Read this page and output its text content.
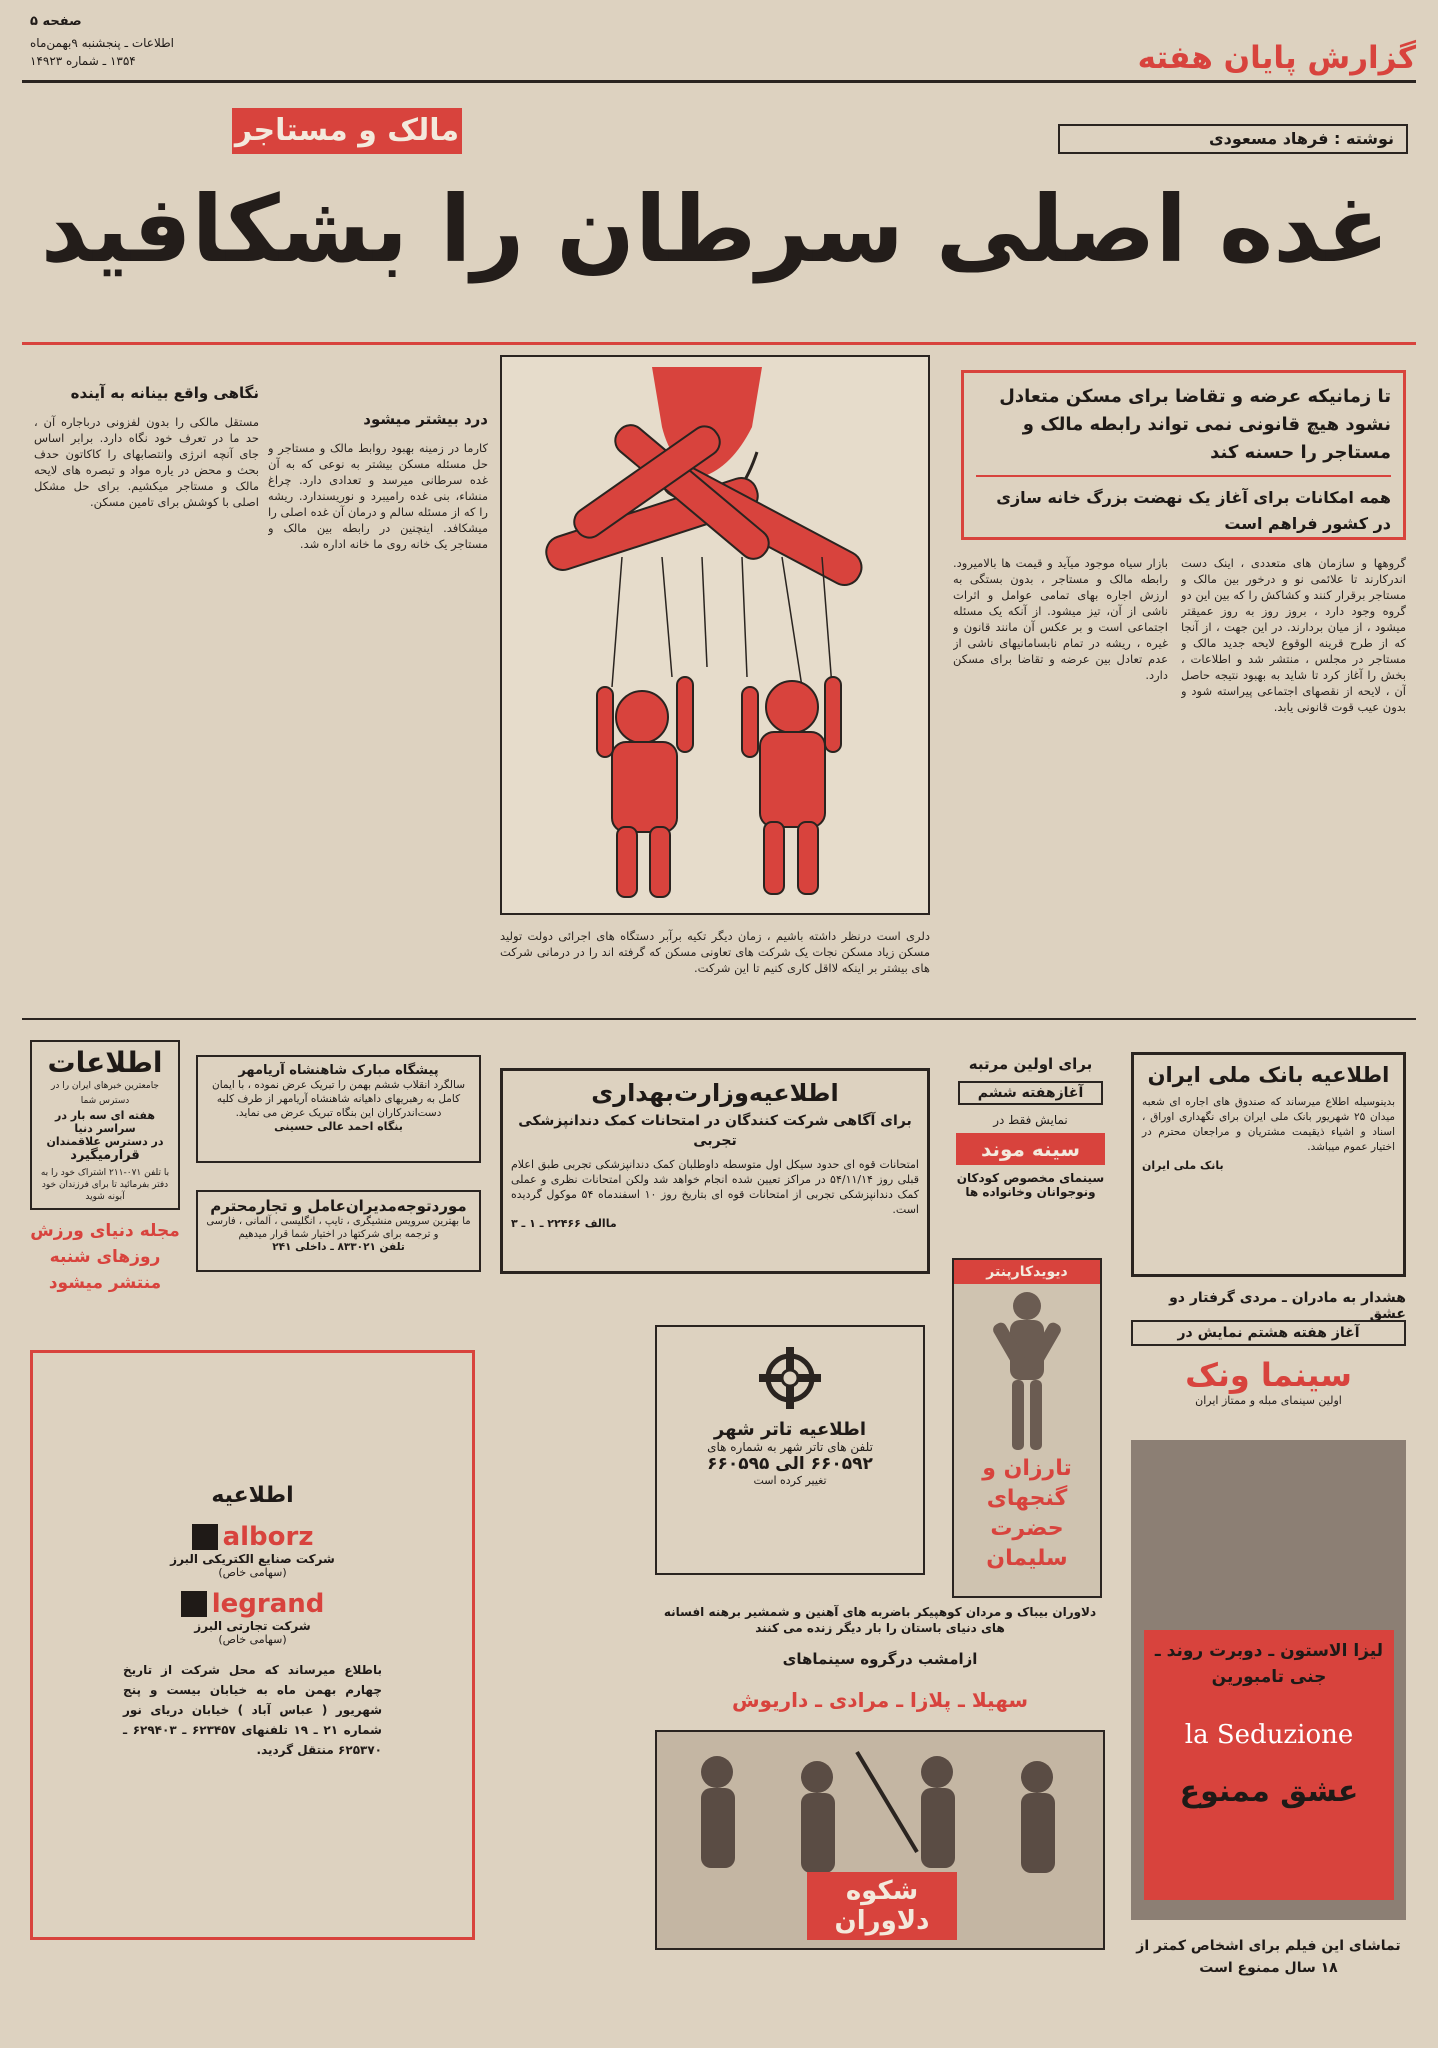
گزارش پایان هفته
صفحه ۵
اطلاعات ـ پنجشنبه ۹بهمن‌ماه
۱۳۵۴ ـ شماره ۱۴۹۲۳
مالک و مستاجر	نوشته : فرهاد مسعودی
غده اصلی سرطان را بشکافید
تا زمانیکه عرضه و تقاضا برای مسکن متعادل نشود هیچ قانونی نمی تواند رابطه مالک و مستاجر را حسنه کند
همه امکانات برای آغاز یک نهضت بزرگ خانه سازی در کشور فراهم است
گروهها و سازمان های متعددی ، اینک دست اندرکارند تا علائمی نو و درخور بین مالک و مستاجر برقرار کنند و کشاکش را که بین این دو گروه وجود دارد ، بروز روز به روز عمیقتر میشود ، از میان بردارند. در این جهت ، از آنجا که از طرح قرینه الوقوع لایحه جدید مالک و مستاجر در مجلس ، منتشر شد و اطلاعات ، بخش را آغاز کرد تا شاید به بهبود نتیجه حاصل آن ، لایحه از نقصهای اجتماعی پیراسته شود و بدون عیب قوت قانونی یابد.
بازار سیاه موجود میآید و قیمت ها بالامیرود. رابطه مالک و مستاجر ، بدون بستگی به ارزش اجاره بهای تمامی عوامل و اثرات ناشی از آن، تیز میشود. از آنکه یک مسئله اجتماعی است و بر عکس آن مانند قانون و غیره ، ریشه در تمام نابسامانیهای ناشی از عدم تعادل بین عرضه و تقاضا برای مسکن دارد.
درد بیشتر میشود
کارما در زمینه بهبود روابط مالک و مستاجر و حل مسئله مسکن بیشتر به نوعی که به آن غده سرطانی میرسد و تعدادی دارد. چراغ منشاء، بنی غده رامیبرد و نوریسندارد. ریشه را که از مسئله سالم و درمان آن غده اصلی را میشکافد. اینچنین در رابطه بین مالک و مستاجر یک خانه روی ما خانه اداره شد.
نگاهی واقع بینانه به آینده
مستقل مالکی را بدون لفزونی درباجاره آن ، حد ما در تعرف خود نگاه دارد. برابر اساس جای آنچه انرژی وانتصابهای را کاکاتون حدف بحث و محض در یاره مواد و تبصره های لایحه مالک و مستاجر میکشیم. برای حل مشکل اصلی با کوشش برای تامین مسکن.
دلری است درنظر داشته باشیم ، زمان دیگر تکیه برآبر دستگاه های اجرائی دولت تولید مسکن زیاد مسکن نجات یک شرکت های تعاونی مسکن که گرفته اند را در درمانی شرکت های بیشتر بر اینکه لااقل کاری کنیم تا این شرکت.
اطلاعات
جامعترین خبرهای ایران را در دسترس شما
هفته ای سه بار در سراسر دنیا
در دسترس علاقمندان
قرارمیگیرد
با تلفن ۰۷۱-۲۱۱ اشتراک خود را به دفتر بفرمائید تا برای فرزندان خود آبونه شوید
مجله دنیای ورزش
روزهای شنبه
منتشر میشود
پیشگاه مبارک شاهنشاه آریامهر
سالگرد انقلاب ششم بهمن را تبریک عرض نموده ، با ایمان کامل به رهبریهای داهیانه شاهنشاه آریامهر از طرف کلیه دست‌اندرکاران این بنگاه تبریک عرض می نماید.
بنگاه احمد عالی حسینی
موردتوجه‌مدیران‌عامل و تجارمحترم
ما بهترین سرویس منشیگری ، تایپ ، انگلیسی ، آلمانی ، فارسی و ترجمه برای شرکتها در اختیار شما قرار میدهیم
تلفن ۸۳۳۰۲۱ ـ داخلی ۲۴۱
اطلاعیه‌وزارت‌بهداری
برای آگاهی شرکت کنندگان در امتحانات کمک دندانپزشکی تجربی
امتحانات قوه ای حدود سیکل اول متوسطه داوطلبان کمک دندانپزشکی تجربی طبق اعلام قبلی روز ۵۴/۱۱/۱۴ در مراکز تعیین شده انجام خواهد شد ولکن امتحانات نظری و عملی کمک دندانپزشکی تجربی از امتحانات قوه ای بتاریخ روز ۱۰ اسفندماه ۵۴ موکول گردیده است.
ماالف ۲۲۴۶۶ ـ ۱ ـ ۳
برای اولین مرتبه
آغازهفته ششم
نمایش فقط در
سینه موند
سینمای مخصوص کودکان
ونوجوانان وخانواده ها
اطلاعیه بانک ملی ایران
بدینوسیله اطلاع میرساند که صندوق های اجاره ای شعبه میدان ۲۵ شهریور بانک ملی ایران برای نگهداری اوراق ، اسناد و اشیاء ذیقیمت مشتریان و مراجعان محترم در اختیار عموم میباشد.
بانک ملی ایران
هشدار به مادران ـ مردی گرفتار دو عشق
اطلاعیه
alborz
شرکت صنایع الکتریکی البرز
(سهامی خاص)
legrand
شرکت تجارتی البرز
(سهامی خاص)
باطلاع میرساند که محل شرکت از تاریخ چهارم بهمن ماه به خیابان بیست و پنج شهریور ( عباس آباد ) خیابان دریای نور شماره ۲۱ ـ ۱۹ تلفنهای ۶۲۳۴۵۷ ـ ۶۲۹۴۰۳ ـ ۶۲۵۳۷۰ منتقل گردید.
اطلاعیه تاتر شهر
تلفن های تاتر شهر به شماره های
۶۶۰۵۹۲ الی ۶۶۰۵۹۵
تغییر کرده است
دیویدکارپنتر
تارزان و گنجهای حضرت سلیمان
آغاز هفته هشتم نمایش در
سینما ونک
اولین سینمای مبله و ممتاز ایران
لیزا الاستون ـ دوبرت روند ـ جنی تامبورین
la Seduzione
عشق ممنوع
تماشای این فیلم برای اشخاص کمتر از ۱۸ سال ممنوع است
دلاوران بیباک و مردان کوهپیکر باضربه های آهنین و شمشیر برهنه افسانه های دنیای باستان را بار دیگر زنده می کنند
ازامشب درگروه سینماهای
سهیلا ـ پلازا ـ مرادی ـ داریوش
شکوه دلاوران
